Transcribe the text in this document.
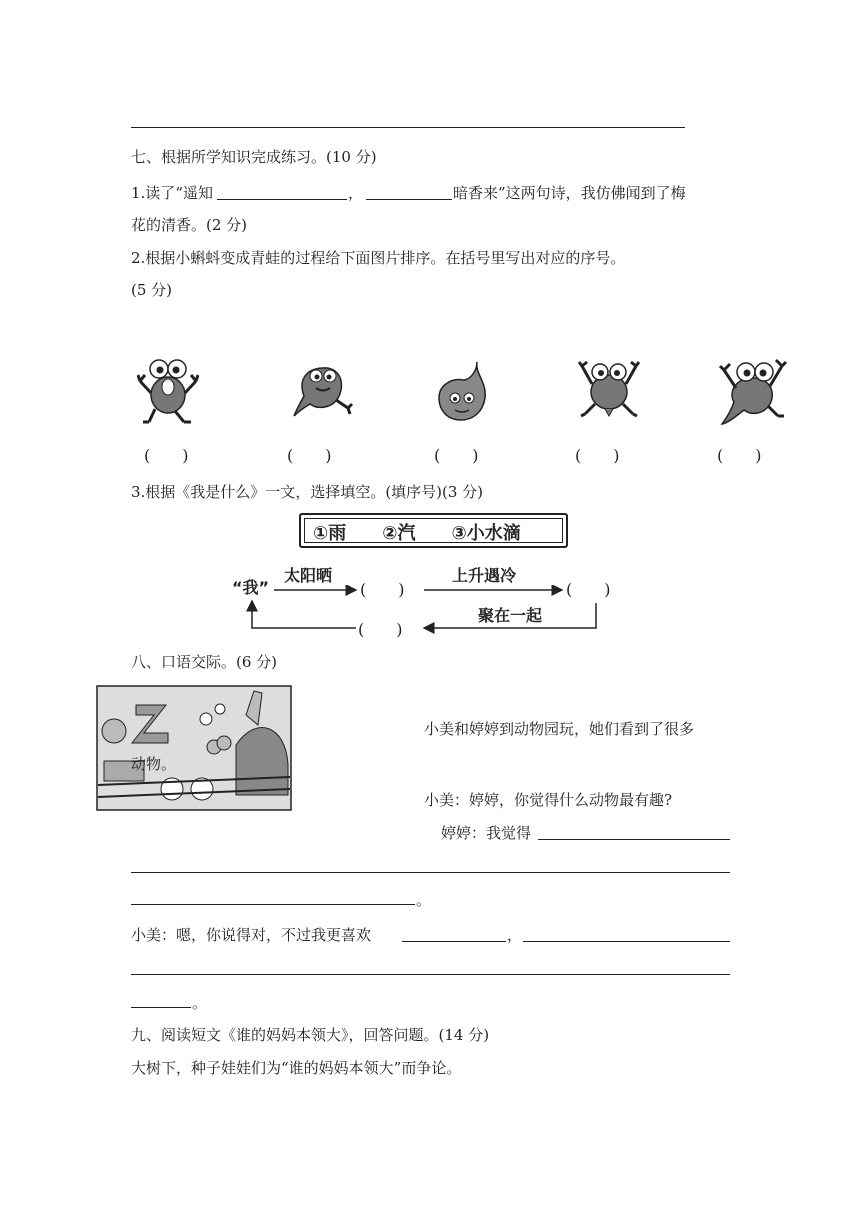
七、根据所学知识完成练习。(10 分)
1.读了“遥知	，	暗香来”这两句诗，我仿佛闻到了梅
花的清香。(2 分)
2.根据小蝌蚪变成青蛙的过程给下面图片排序。在括号里写出对应的序号。
(5 分)
(　　)	(　　)	(　　)	(　　)	(　　)
3.根据《我是什么》一文，选择填空。(填序号)(3 分)
①雨　　②汽　　③小水滴
“我”
太阳晒	上升遇冷
聚在一起
(　　)	(　　)
(　　)
八、口语交际。(6 分)
小美和婷婷到动物园玩，她们看到了很多
动物。
小美：婷婷，你觉得什么动物最有趣?
婷婷：我觉得
。
小美：嗯，你说得对，不过我更喜欢	，
。
九、阅读短文《谁的妈妈本领大》，回答问题。(14 分)
大树下，种子娃娃们为“谁的妈妈本领大”而争论。
